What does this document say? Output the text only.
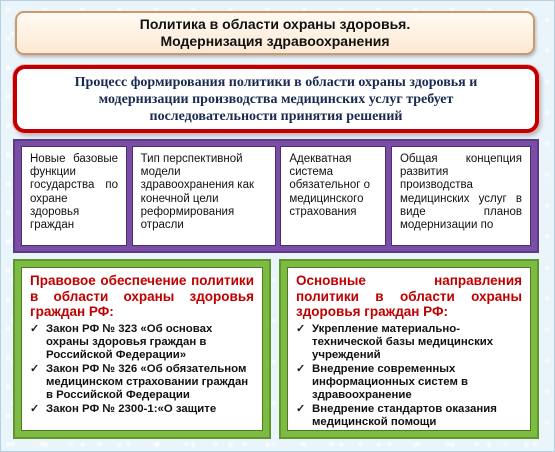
Политика в области охраны здоровья.
Модернизация здравоохранения
Процесс формирования политики в области охраны здоровья и
модернизации производства медицинских услуг требует
последовательности принятия решений
Новые базовые функции государства по охране здоровья граждан
Тип перспективной модели здравоохранения как конечной цели реформирования отрасли
Адекватная система обязательног о медицинского страхования
Общая концепция развития производства медицинских услуг в виде планов модернизации по
Правовое обеспечение политики в области охраны здоровья граждан РФ:
✓ Закон РФ № 323 «Об основах охраны здоровья граждан в Российской Федерации»
✓ Закон РФ № 326 «Об обязательном медицинском страховании граждан в Российской Федерации
✓ Закон РФ № 2300-1:«О защите
Основные направления политики в области охраны здоровья граждан РФ:
✓ Укрепление материально-технической базы медицинских учреждений
✓ Внедрение современных информационных систем в здравоохранение
✓ Внедрение стандартов оказания медицинской помощи
